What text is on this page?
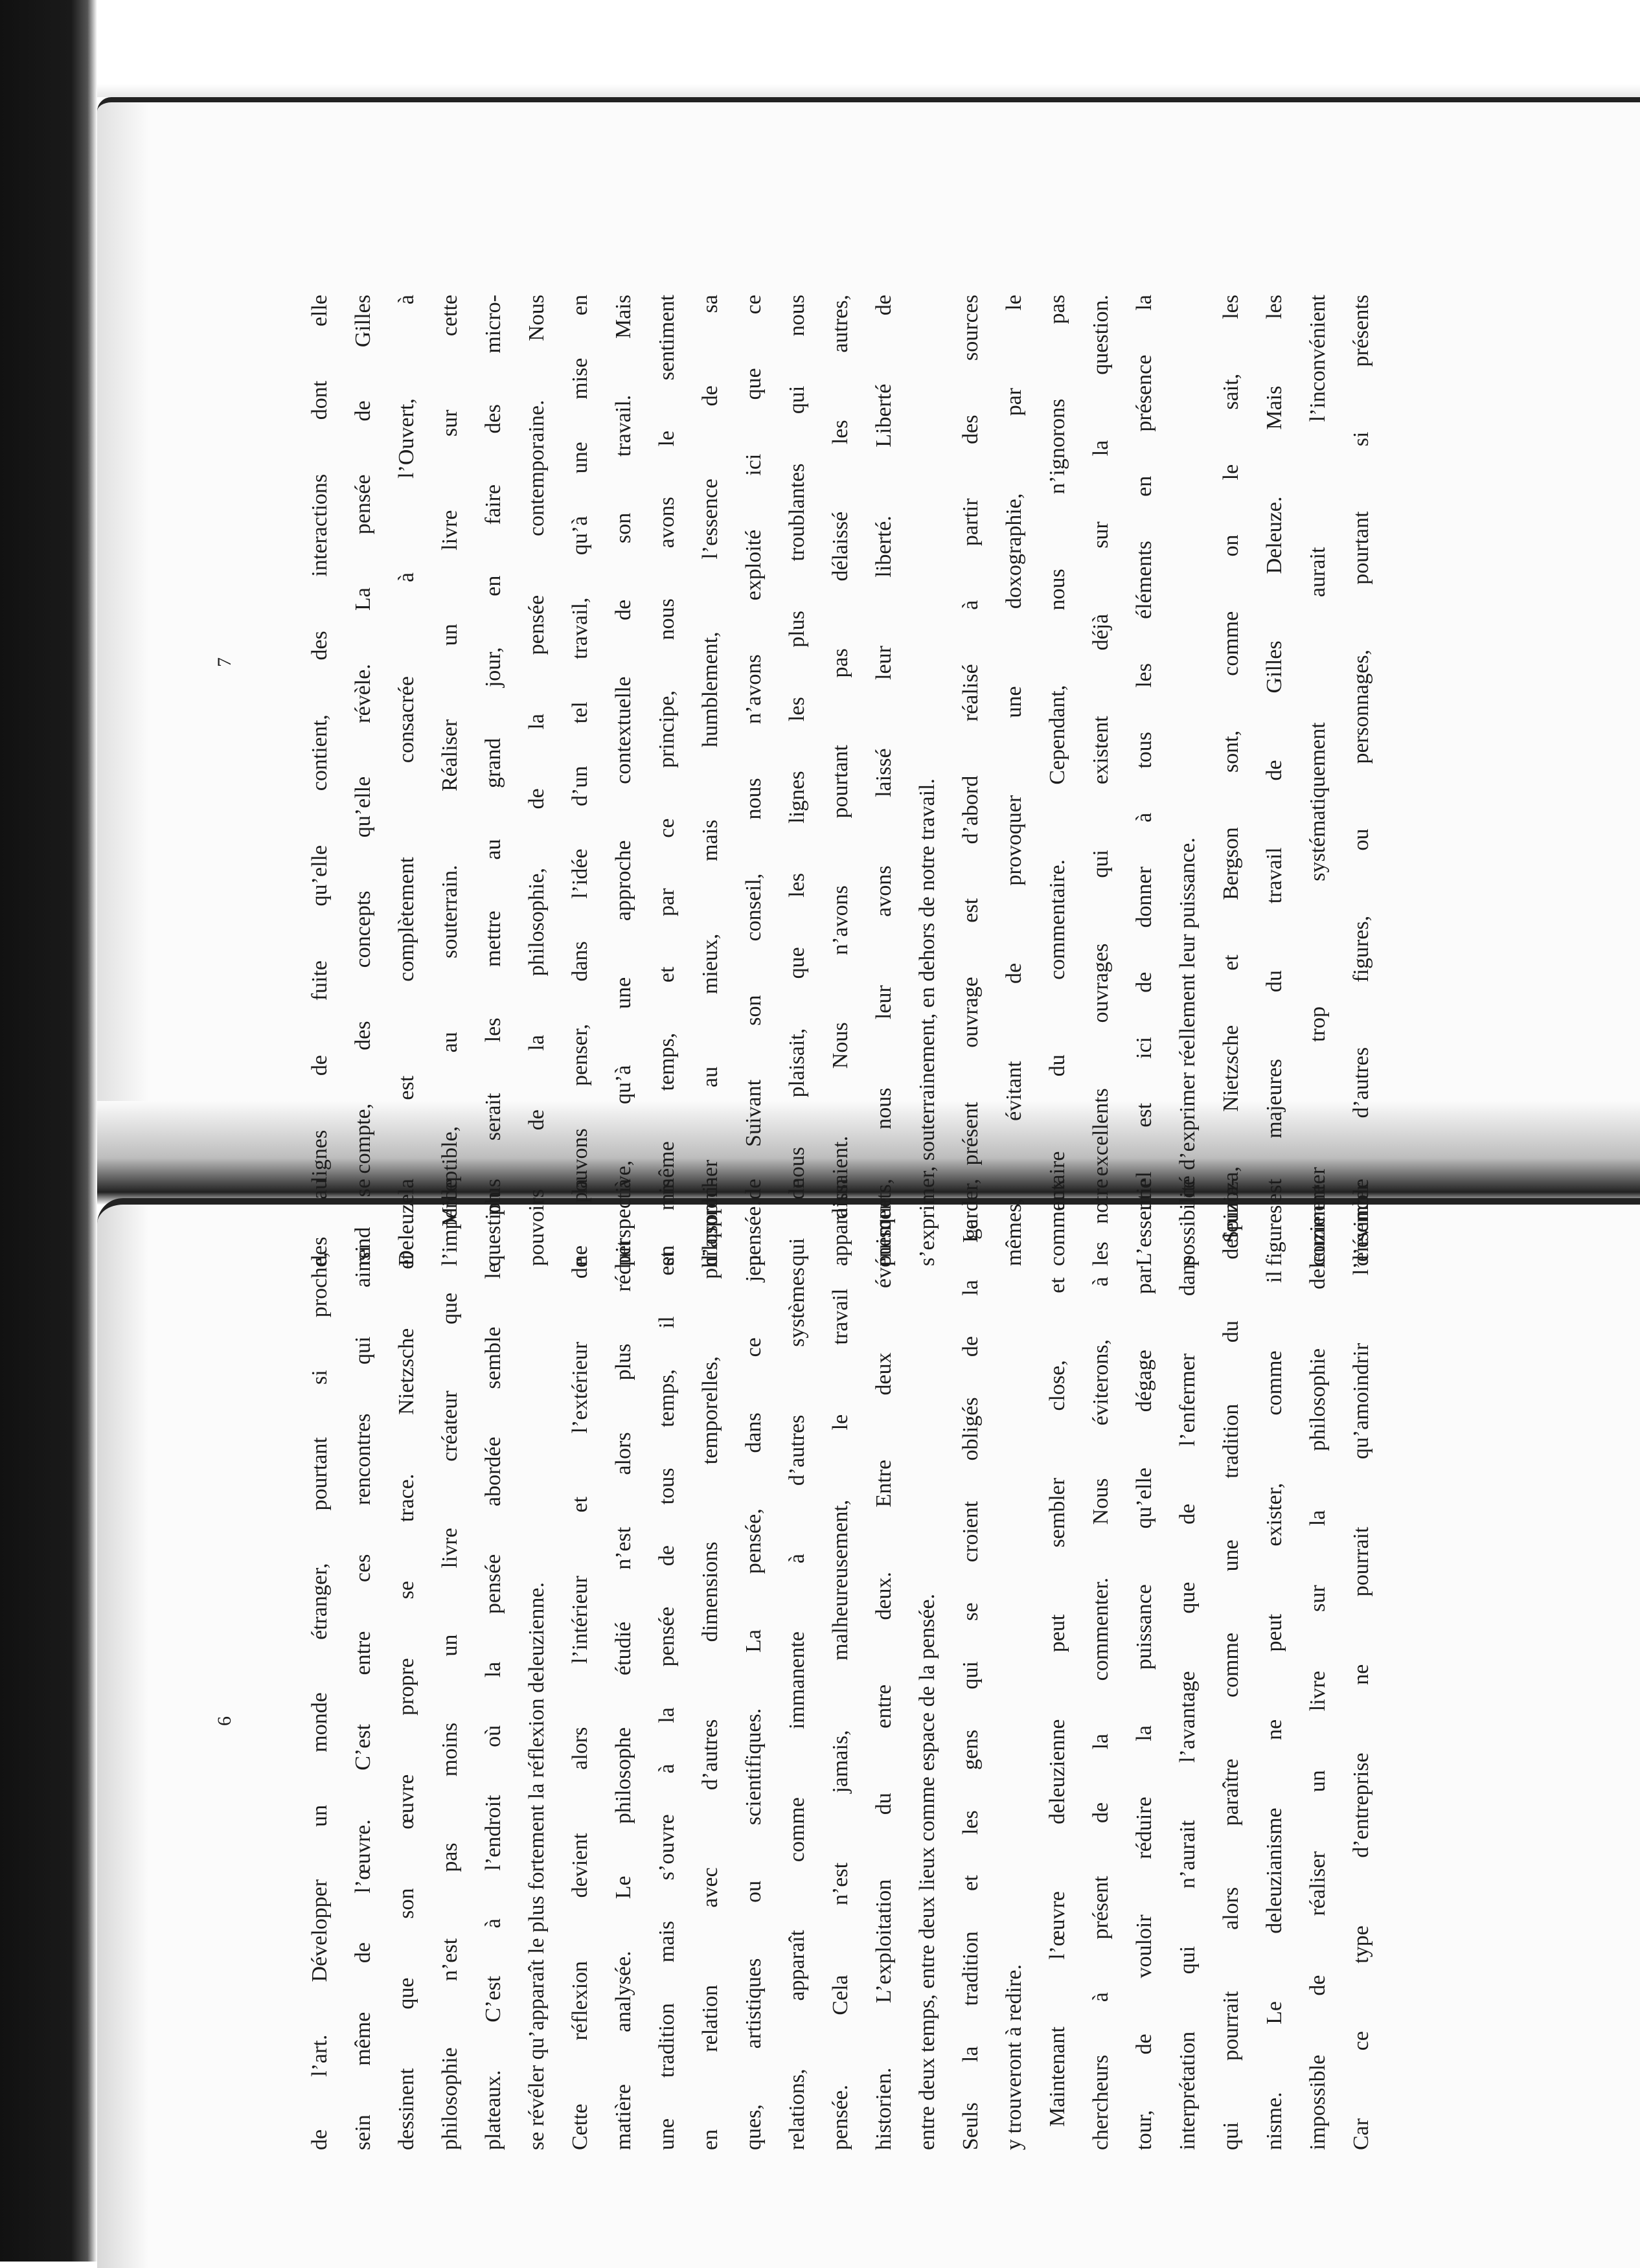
7	des lignes de fuite qu’elle contient, des interactions dont elle rend compte, des concepts qu’elle révèle. La pensée de Gilles Deleuze est complètement consacrée à l’Ouvert, à l’imperceptible, au souterrain. Réaliser un livre sur cette question serait les mettre au grand jour, en faire des micro- pouvoirs de la philosophie, de la pensée contemporaine. Nous ne pouvons penser, dans l’idée d’un tel travail, qu’à une mise en perspective, qu’à une approche contextuelle de son travail. Mais en même temps, et par ce principe, nous avons le sentiment d’approcher au mieux, mais humblement, l’essence de sa pensée. Suivant son conseil, nous n’avons exploité ici que ce qui nous plaisait, que les lignes les plus troublantes qui nous apparaissaient. Nous n’avons pourtant pas délaissé les autres, puisque nous leur avons laissé leur liberté. Liberté de s’exprimer, souterrainement, en dehors de notre travail. Le présent ouvrage est d’abord réalisé à partir des sources mêmes, évitant de provoquer une doxographie, par le commentaire du commentaire. Cependant, nous n’ignorons pas les excellents ouvrages qui existent déjà sur la question. L’essentiel est ici de donner à tous les éléments en présence la possibilité d’exprimer réellement leur puissance. Spinoza, Nietzsche et Bergson sont, comme on le sait, les figures majeures du travail de Gilles Deleuze. Mais les commenter trop systématiquement aurait l’inconvénient d’évincer d’autres figures, ou personnages, pourtant si présents
6	de l’art. Développer un monde étranger, pourtant si proche, au sein même de l’œuvre. C’est entre ces rencontres qui ainsi se dessinent que son œuvre propre se trace. Nietzsche et la philosophie n’est pas moins un livre créateur que Mille plateaux. C’est à l’endroit où la pensée abordée semble le plus se révéler qu’apparaît le plus fortement la réflexion deleuzienne. Cette réflexion devient alors l’intérieur et l’extérieur de la matière analysée. Le philosophe étudié n’est alors plus réduit à une tradition mais s’ouvre à la pensée de tous temps, il est mis en relation avec d’autres dimensions temporelles, philosophi- ques, artistiques ou scientifiques. La pensée, dans ce jeu de relations, apparaît comme immanente à d’autres systèmes de pensée. Cela n’est jamais, malheureusement, le travail d’un historien. L’exploitation du entre deux. Entre deux événements, entre deux temps, entre deux lieux comme espace de la pensée. Seuls la tradition et les gens qui se croient obligés de la garder, y trouveront à redire. Maintenant l’œuvre deleuzienne peut sembler close, et aux chercheurs à présent de la commenter. Nous éviterons, à notre tour, de vouloir réduire la puissance qu’elle dégage par une interprétation qui n’aurait l’avantage que de l’enfermer dans ce qui pourrait alors paraître comme une tradition du deleuzia- nisme. Le deleuzianisme ne peut exister, comme il est impossible de réaliser un livre sur la philosophie deleuzienne. Car ce type d’entreprise ne pourrait qu’amoindrir l’ensemble
